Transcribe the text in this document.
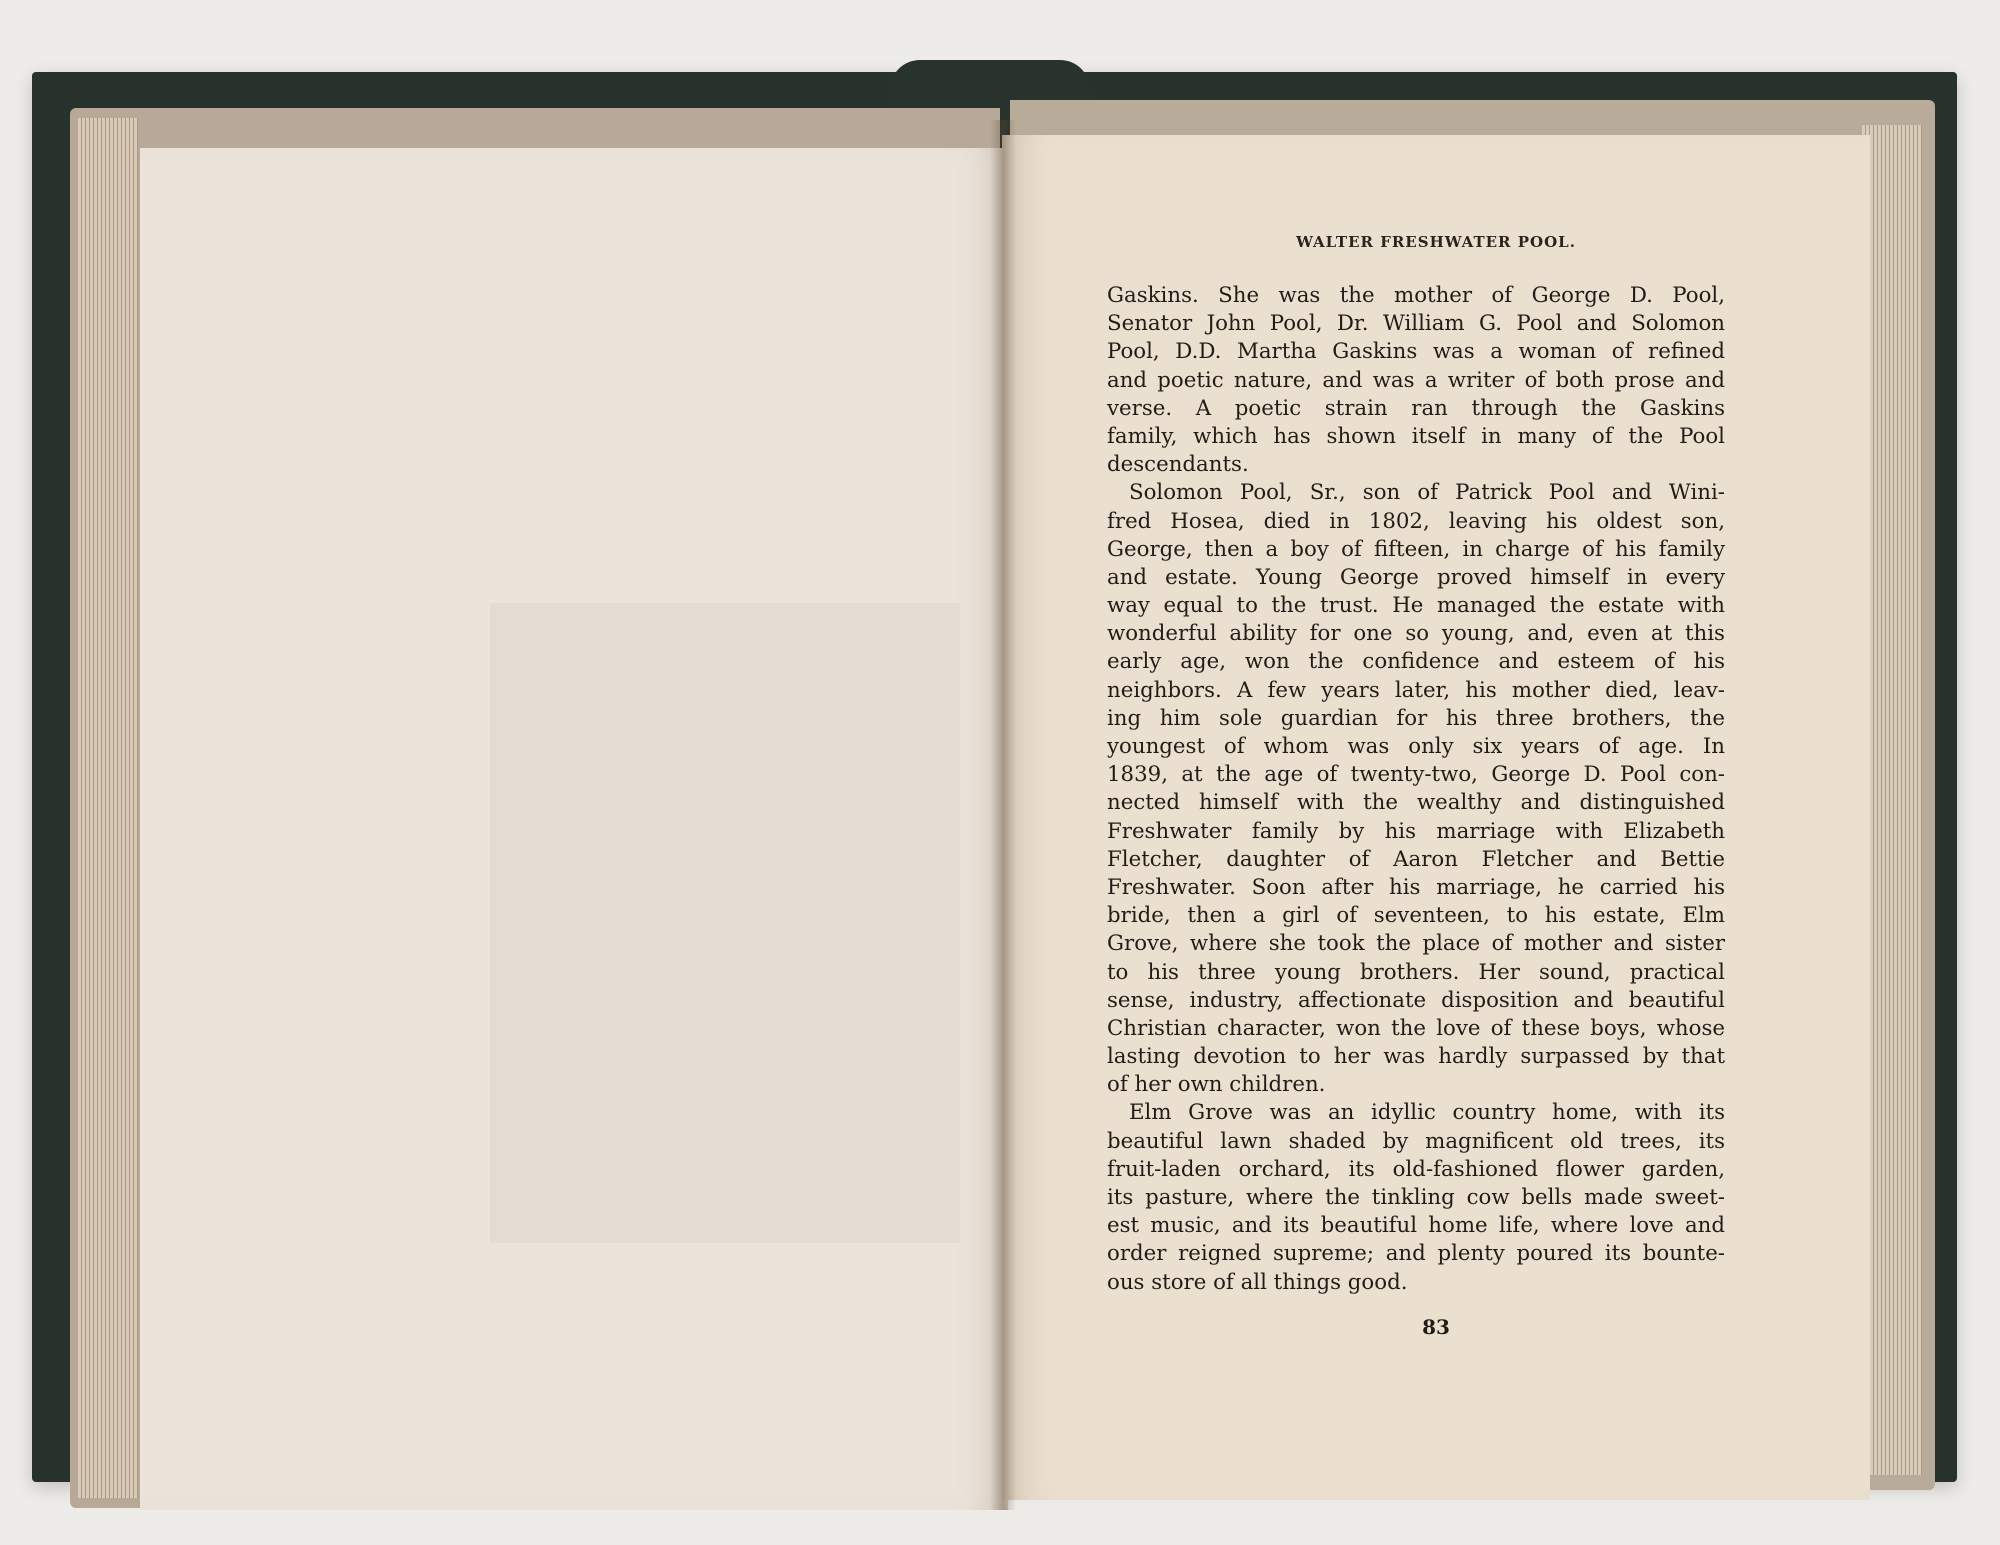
WALTER FRESHWATER POOL.
Gaskins. She was the mother of George D. Pool,
Senator John Pool, Dr. William G. Pool and Solomon
Pool, D.D. Martha Gaskins was a woman of refined
and poetic nature, and was a writer of both prose and
verse. A poetic strain ran through the Gaskins
family, which has shown itself in many of the Pool
descendants.
Solomon Pool, Sr., son of Patrick Pool and Wini-
fred Hosea, died in 1802, leaving his oldest son,
George, then a boy of fifteen, in charge of his family
and estate. Young George proved himself in every
way equal to the trust. He managed the estate with
wonderful ability for one so young, and, even at this
early age, won the confidence and esteem of his
neighbors. A few years later, his mother died, leav-
ing him sole guardian for his three brothers, the
youngest of whom was only six years of age. In
1839, at the age of twenty-two, George D. Pool con-
nected himself with the wealthy and distinguished
Freshwater family by his marriage with Elizabeth
Fletcher, daughter of Aaron Fletcher and Bettie
Freshwater. Soon after his marriage, he carried his
bride, then a girl of seventeen, to his estate, Elm
Grove, where she took the place of mother and sister
to his three young brothers. Her sound, practical
sense, industry, affectionate disposition and beautiful
Christian character, won the love of these boys, whose
lasting devotion to her was hardly surpassed by that
of her own children.
Elm Grove was an idyllic country home, with its
beautiful lawn shaded by magnificent old trees, its
fruit-laden orchard, its old-fashioned flower garden,
its pasture, where the tinkling cow bells made sweet-
est music, and its beautiful home life, where love and
order reigned supreme; and plenty poured its bounte-
ous store of all things good.
83
